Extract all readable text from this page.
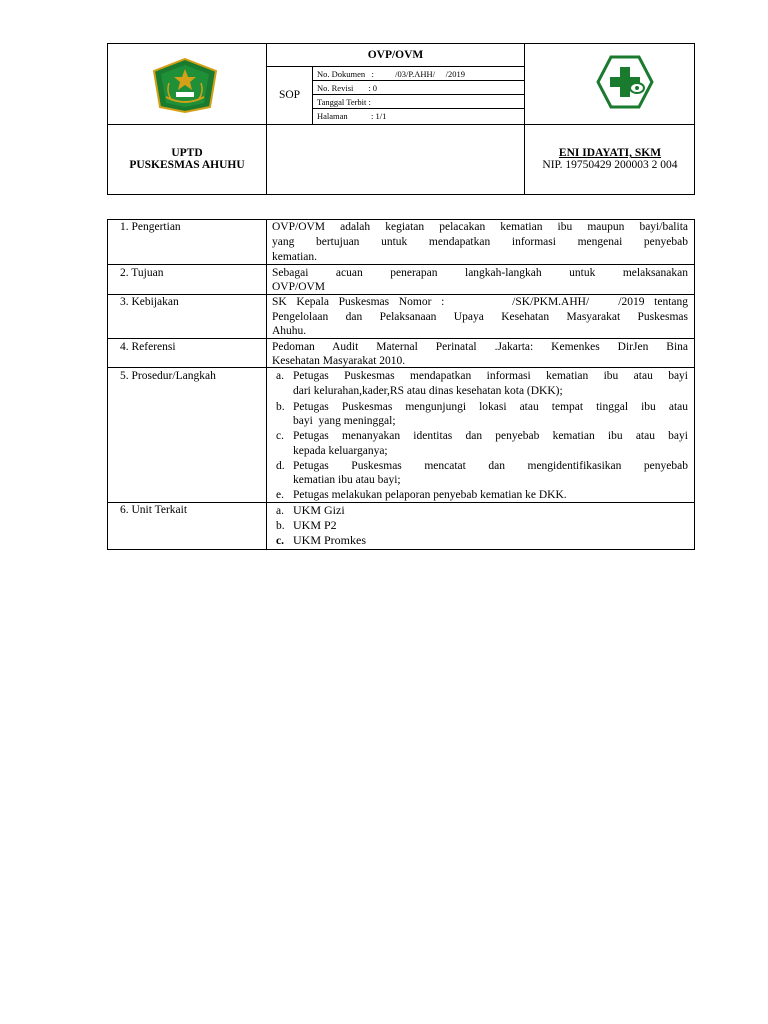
OVP/OVM
SOP
No. Dokumen   :          /03/P.AHH/     /2019
No. Revisi       : 0
Tanggal Terbit :
Halaman           : 1/1
UPTD
PUSKESMAS AHUHU
ENI IDAYATI, SKM
NIP. 19750429 200003 2 004
1. Pengertian	OVP/OVM adalah kegiatan pelacakan kematian ibu maupun bayi/balita
yang bertujuan untuk mendapatkan informasi mengenai penyebab
kematian.
2. Tujuan	Sebagai acuan penerapan langkah-langkah untuk melaksanakan
OVP/OVM
3. Kebijakan	SK Kepala Puskesmas Nomor :       /SK/PKM.AHH/   /2019 tentang
Pengelolaan dan Pelaksanaan Upaya Kesehatan Masyarakat Puskesmas
Ahuhu.
4. Referensi	Pedoman Audit Maternal Perinatal .Jakarta: Kemenkes DirJen Bina
Kesehatan Masyarakat 2010.
5. Prosedur/Langkah	a. Petugas Puskesmas mendapatkan informasi kematian ibu atau bayi
dari kelurahan,kader,RS atau dinas kesehatan kota (DKK);
b. Petugas Puskesmas mengunjungi lokasi atau tempat tinggal ibu atau
bayi  yang meninggal;
c. Petugas menanyakan identitas dan penyebab kematian ibu atau bayi
kepada keluarganya;
d. Petugas Puskesmas mencatat dan mengidentifikasikan penyebab
kematian ibu atau bayi;
e. Petugas melakukan pelaporan penyebab kematian ke DKK.
6. Unit Terkait	a. UKM Gizi
b. UKM P2
c. UKM Promkes
